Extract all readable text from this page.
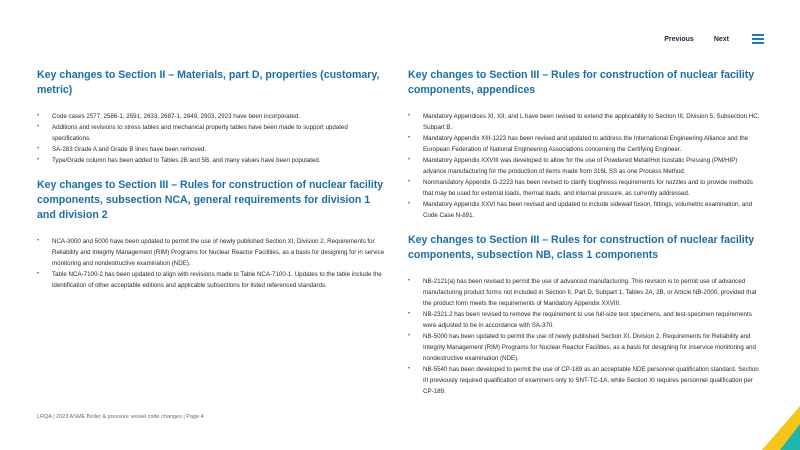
Previous	Next
Key changes to Section II – Materials, part D, properties (customary, metric)
• Code cases 2577, 2586-1, 2591, 2633, 2687-1, 2849, 2903, 2923 have been incorporated.
• Additions and revisions to stress tables and mechanical property tables have been made to support updated specifications.
• SA-283 Grade A and Grade B lines have been removed.
• Type/Grade column has been added to Tables 2B and 5B, and many values have been populated.
Key changes to Section III – Rules for construction of nuclear facility components, subsection NCA, general requirements for division 1 and division 2
• NCA-3000 and 5000 have been updated to permit the use of newly published Section XI, Division 2, Requirements for Reliability and Integrity Management (RIM) Programs for Nuclear Reactor Facilities, as a basis for designing for in service monitoring and nondestructive examination (NDE).
• Table NCA-7100-2 has been updated to align with revisions made to Table NCA-7100-1. Updates to the table include the identification of other acceptable editions and applicable subsections for listed referenced standards.
Key changes to Section III – Rules for construction of nuclear facility components, appendices
• Mandatory Appendices XI, XII, and L have been revised to extend the applicability to Section III, Division 5, Subsection HC, Subpart B.
• Mandatory Appendix XIII-1223 has been revised and updated to address the International Engineering Alliance and the European Federation of National Engineering Associations concerning the Certifying Engineer.
• Mandatory Appendix XXVIII was developed to allow for the use of Powdered Metal/Hot Isostatic Pressing (PM/HIP) advance manufacturing for the production of items made from 316L SS as one Process Method.
• Nonmandatory Appendix G-2223 has been revised to clarify toughness requirements for nozzles and to provide methods that may be used for external loads, thermal loads, and internal pressure, as currently addressed.
• Mandatory Appendix XXVI has been revised and updated to include sidewall fusion, fittings, volumetric examination, and Code Case N-891.
Key changes to Section III – Rules for construction of nuclear facility components, subsection NB, class 1 components
• NB-2121(a) has been revised to permit the use of advanced manufacturing. This revision is to permit use of advanced manufacturing product forms not included in Section II, Part D, Subpart 1, Tables 2A, 2B, or Article NB-2000, provided that the product form meets the requirements of Mandatory Appendix XXVIII.
• NB-2321.2 has been revised to remove the requirement to use full-size test specimens, and test-specimen requirements were adjusted to be in accordance with SA-370.
• NB-5000 has been updated to permit the use of newly published Section XI, Division 2, Requirements for Reliability and Integrity Management (RIM) Programs for Nuclear Reactor Facilities, as a basis for designing for inservice monitoring and nondestructive examination (NDE).
• NB-5540 has been developed to permit the use of CP-189 as an acceptable NDE personnel qualification standard. Section III previously required qualification of examiners only to SNT-TC-1A, while Section XI requires personnel qualification per CP-189.
LRQA | 2023 ASME Boiler & pressure vessel code changes | Page 4
